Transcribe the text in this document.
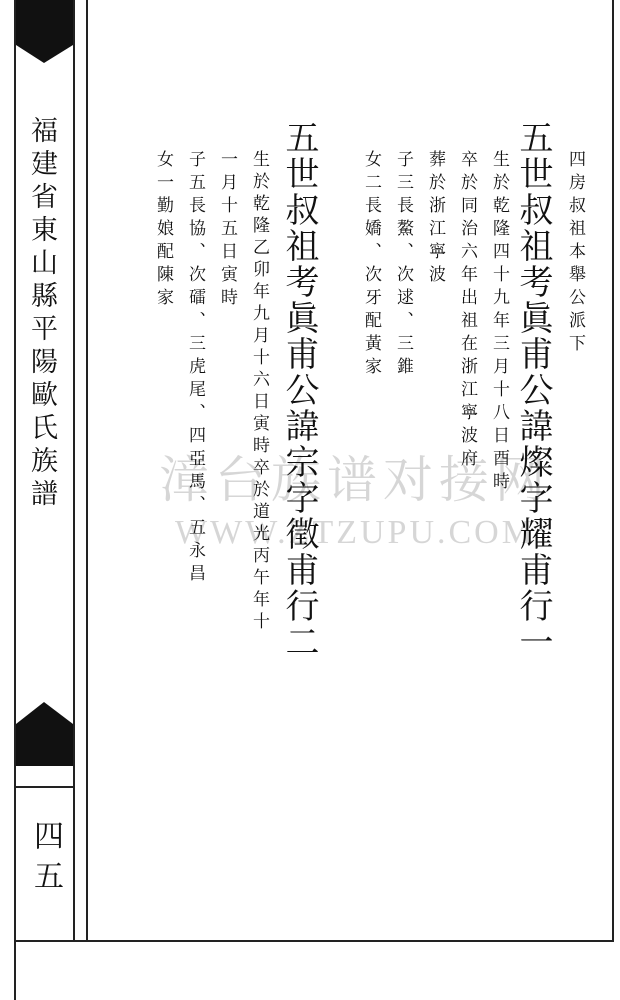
福建省東山縣平陽歐氏族譜
四五
漳台族谱对接网
WWW.ZTZUPU.COM
四房叔祖本舉公派下
五世叔祖考眞甫公諱燦字耀甫行一
生於乾隆四十九年三月十八日酉時
卒於同治六年出祖在浙江寧波府
葬於浙江寧波
子三長鰲、次逑、三錐
女二長嬌、次牙配黃家
五世叔祖考眞甫公諱宗字徵甫行二
生於乾隆乙卯年九月十六日寅時卒於道光丙午年十
一月十五日寅時
子五長協、次礌、三虎尾、四亞馬、五永昌
女一勤娘配陳家
